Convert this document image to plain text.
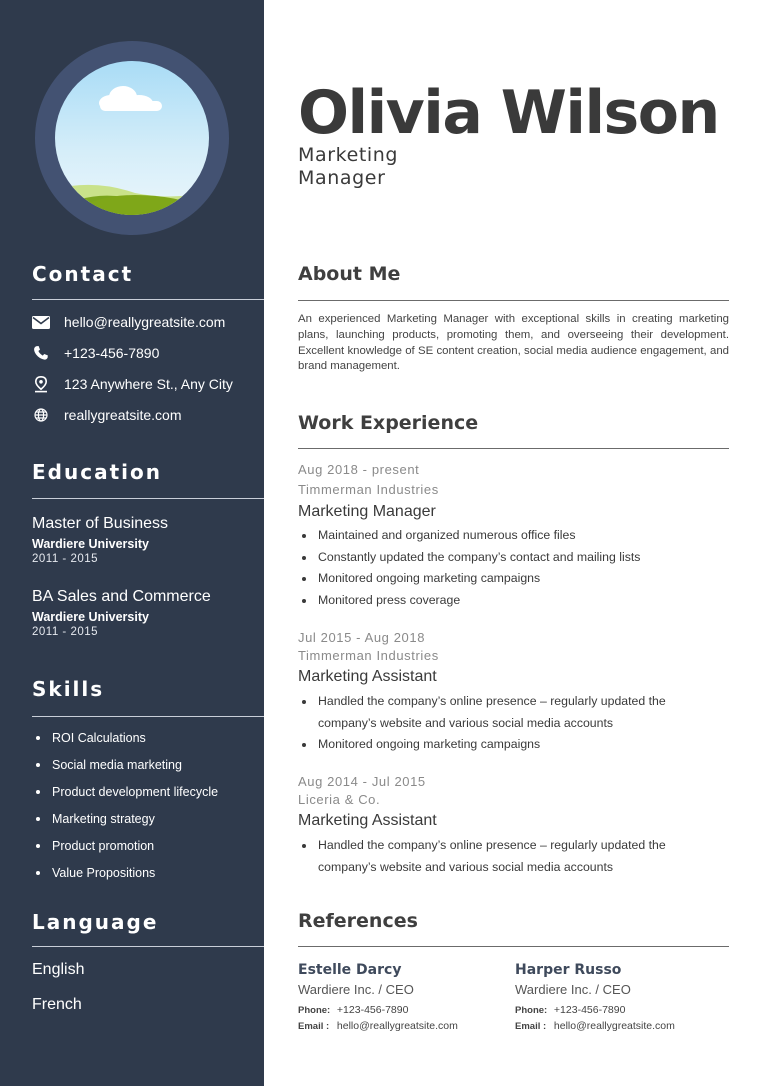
Contact
hello@reallygreatsite.com
+123-456-7890
123 Anywhere St., Any City
reallygreatsite.com
Education
Master of Business
Wardiere University
2011 - 2015
BA Sales and Commerce
Wardiere University
2011 - 2015
Skills
ROI Calculations
Social media marketing
Product development lifecycle
Marketing strategy
Product promotion
Value Propositions
Language
English
French
Olivia Wilson
Marketing
Manager
About Me
An experienced Marketing Manager with exceptional skills in creating marketing plans, launching products, promoting them, and overseeing their development. Excellent knowledge of SE content creation, social media audience engagement, and brand management.
Work Experience
Aug 2018 - present
Timmerman Industries
Marketing Manager
Maintained and organized numerous office files
Constantly updated the company’s contact and mailing lists
Monitored ongoing marketing campaigns
Monitored press coverage
Jul 2015 - Aug 2018
Timmerman Industries
Marketing Assistant
Handled the company’s online presence – regularly updated the company’s website and various social media accounts
Monitored ongoing marketing campaigns
Aug 2014 - Jul 2015
Liceria & Co.
Marketing Assistant
Handled the company’s online presence – regularly updated the company’s website and various social media accounts
References
Estelle Darcy
Wardiere Inc. / CEO
Phone: +123-456-7890
Email : hello@reallygreatsite.com
Harper Russo
Wardiere Inc. / CEO
Phone: +123-456-7890
Email : hello@reallygreatsite.com
